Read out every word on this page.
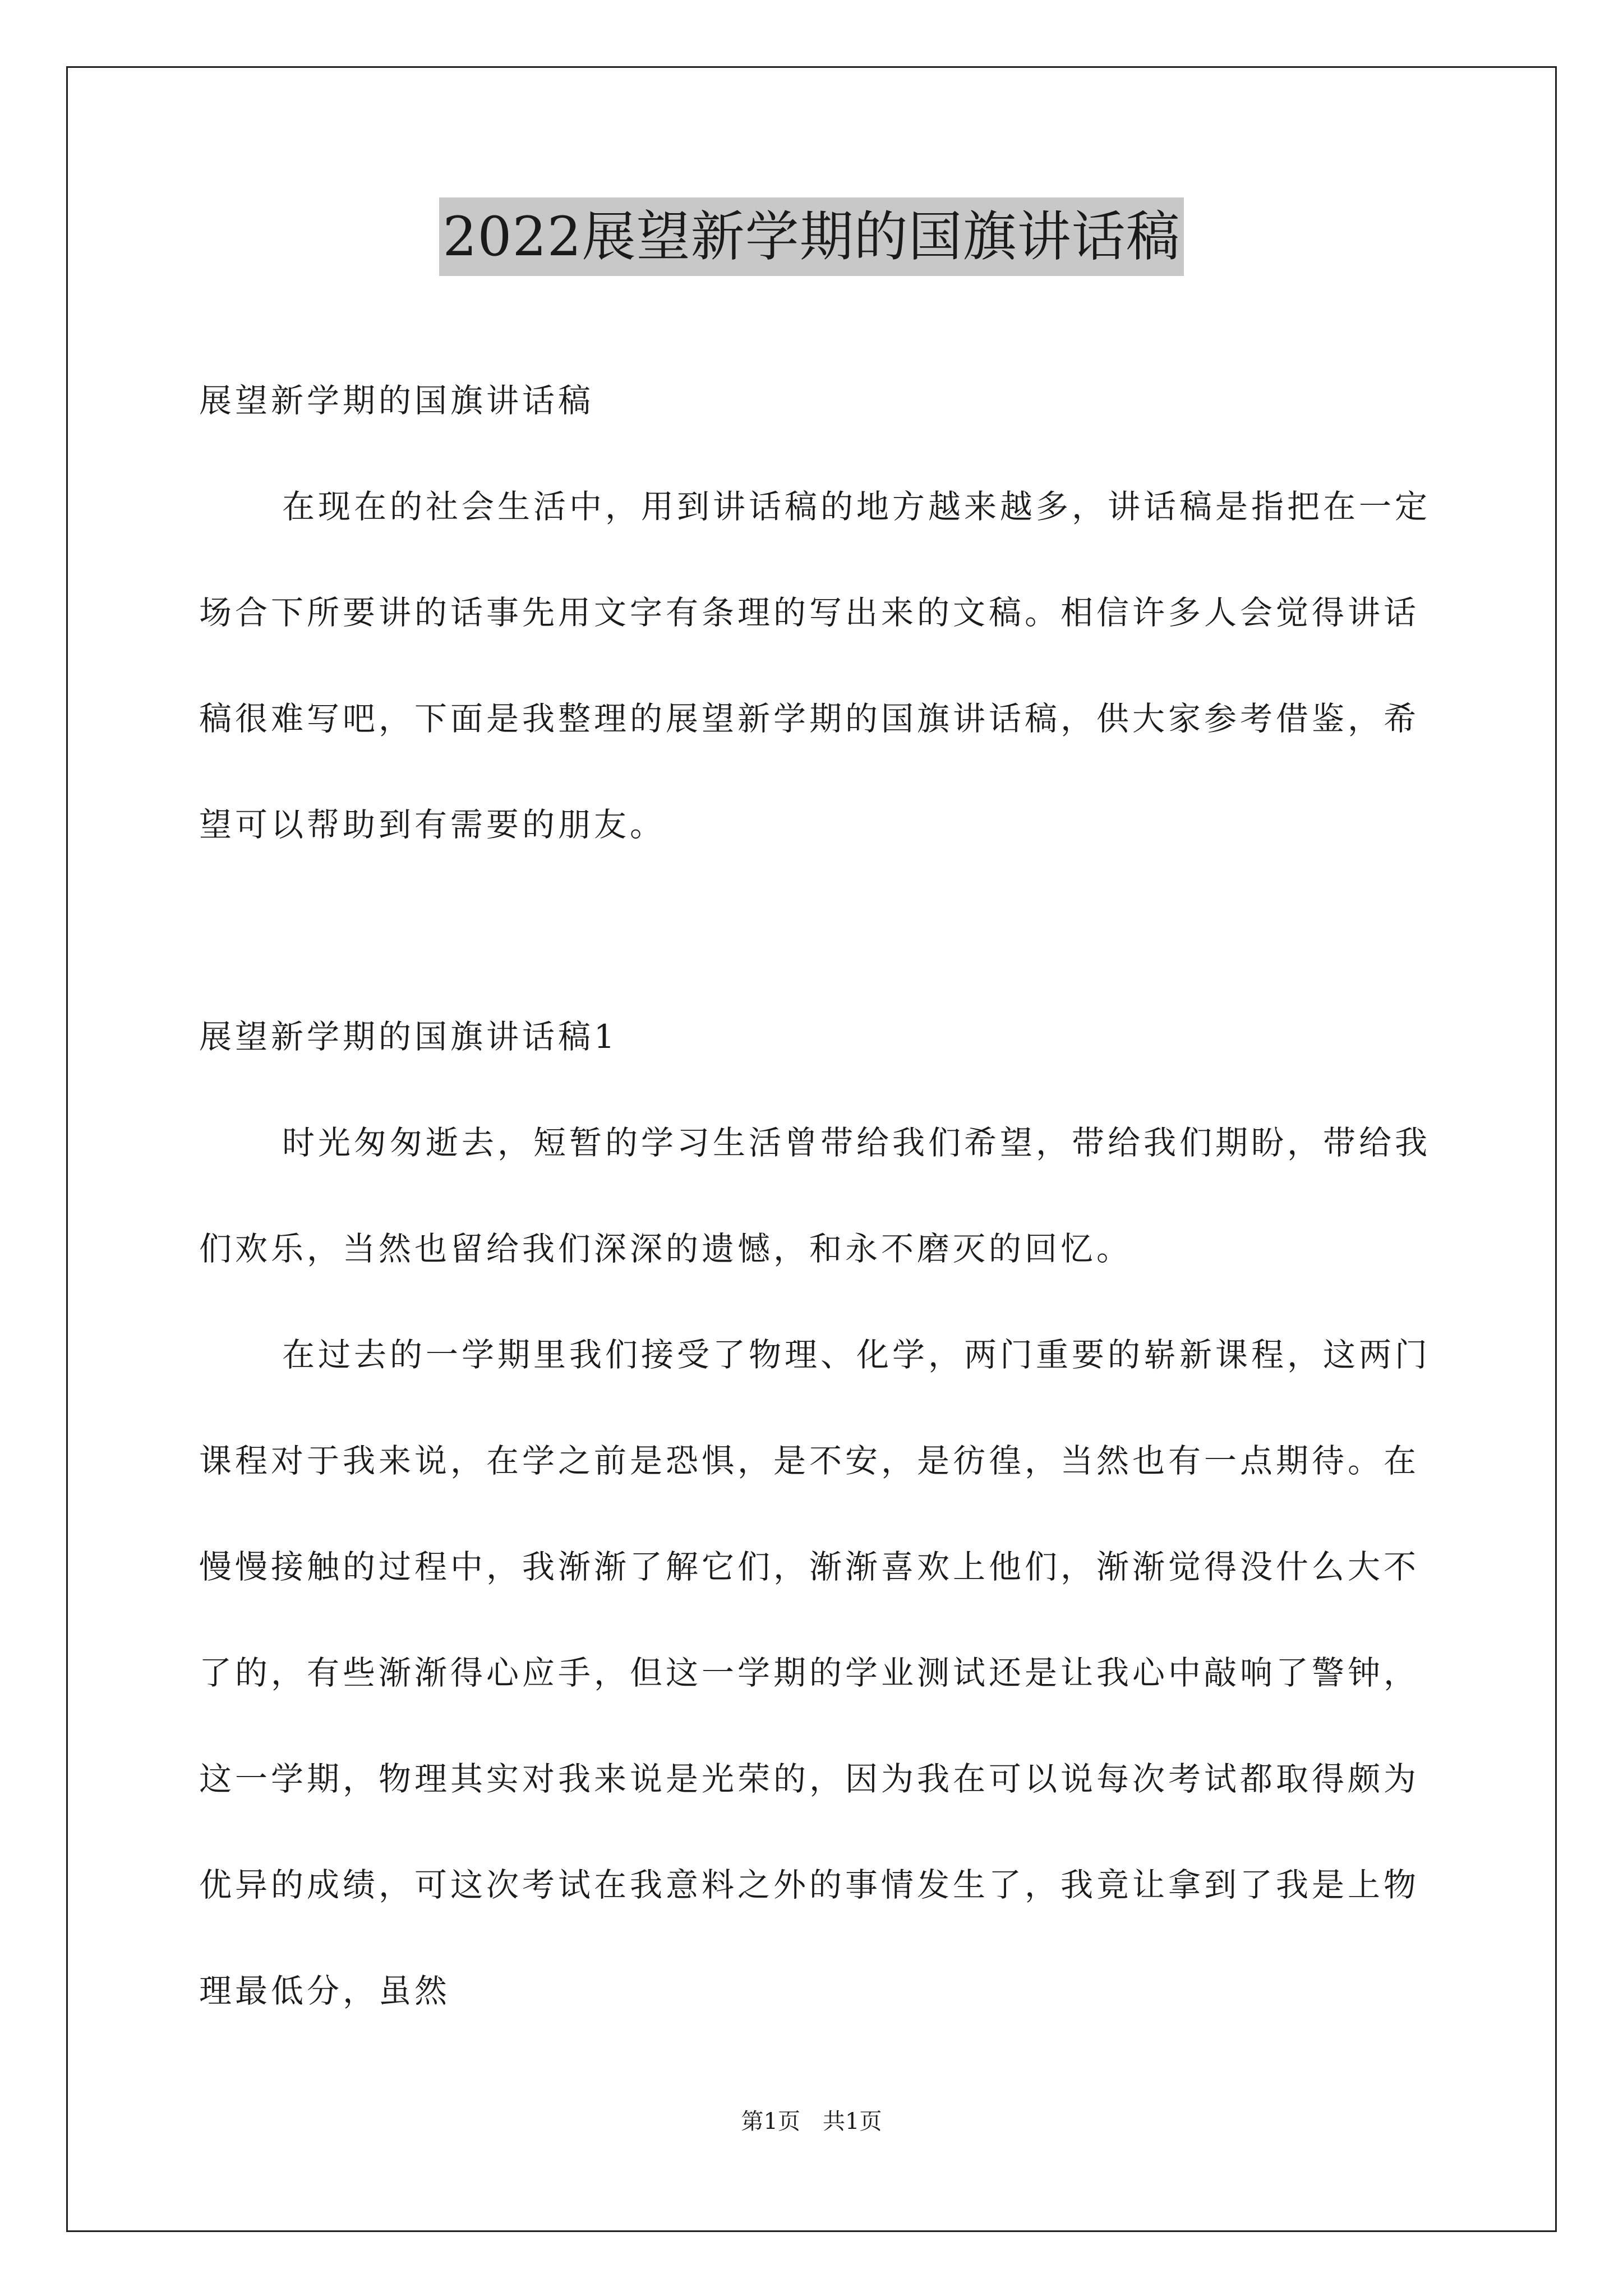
2022展望新学期的国旗讲话稿

展望新学期的国旗讲话稿

在现在的社会生活中，用到讲话稿的地方越来越多，讲话稿是指把在一定场合下所要讲的话事先用文字有条理的写出来的文稿。相信许多人会觉得讲话稿很难写吧，下面是我整理的展望新学期的国旗讲话稿，供大家参考借鉴，希望可以帮助到有需要的朋友。

展望新学期的国旗讲话稿1

时光匆匆逝去，短暂的学习生活曾带给我们希望，带给我们期盼，带给我们欢乐，当然也留给我们深深的遗憾，和永不磨灭的回忆。

在过去的一学期里我们接受了物理、化学，两门重要的崭新课程，这两门课程对于我来说，在学之前是恐惧，是不安，是彷徨，当然也有一点期待。在慢慢接触的过程中，我渐渐了解它们，渐渐喜欢上他们，渐渐觉得没什么大不了的，有些渐渐得心应手，但这一学期的学业测试还是让我心中敲响了警钟，这一学期，物理其实对我来说是光荣的，因为我在可以说每次考试都取得颇为优异的成绩，可这次考试在我意料之外的事情发生了，我竟让拿到了我是上物理最低分，虽然

第1页　共1页
